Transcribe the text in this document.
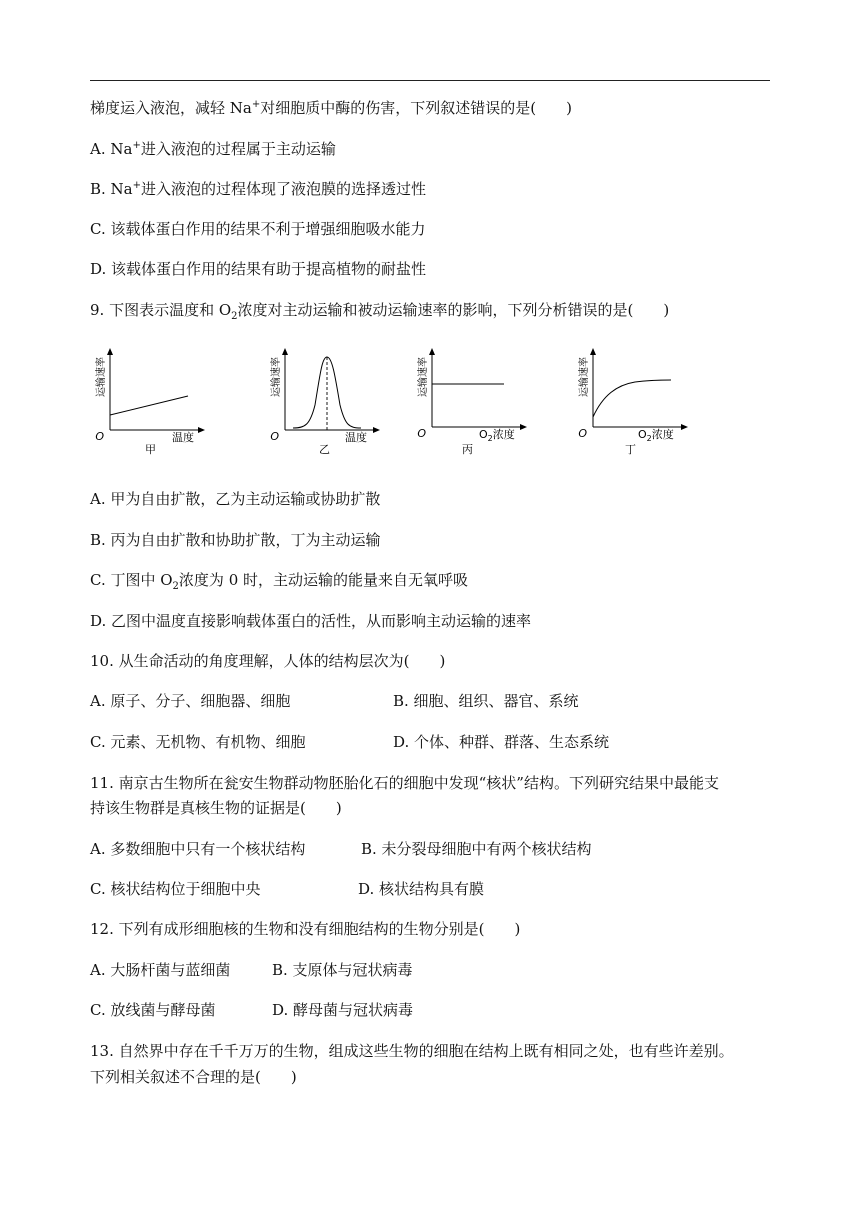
梯度运入液泡，减轻 Na+对细胞质中酶的伤害，下列叙述错误的是(　　)
A. Na+进入液泡的过程属于主动运输
B. Na+进入液泡的过程体现了液泡膜的选择透过性
C. 该载体蛋白作用的结果不利于增强细胞吸水能力
D. 该载体蛋白作用的结果有助于提高植物的耐盐性
9. 下图表示温度和 $O_2$浓度对主动运输和被动运输速率的影响，下列分析错误的是(　　)
运输速率
O	温度
甲
运输速率
O	温度
乙
运输速率
O	$O_2$浓度
丙
运输速率
O	$O_2$浓度
丁
A. 甲为自由扩散，乙为主动运输或协助扩散
B. 丙为自由扩散和协助扩散，丁为主动运输
C. 丁图中 $O_2$浓度为 0 时，主动运输的能量来自无氧呼吸
D. 乙图中温度直接影响载体蛋白的活性，从而影响主动运输的速率
10. 从生命活动的角度理解，人体的结构层次为(　　)
A. 原子、分子、细胞器、细胞	B. 细胞、组织、器官、系统
C. 元素、无机物、有机物、细胞	D. 个体、种群、群落、生态系统
11. 南京古生物所在瓮安生物群动物胚胎化石的细胞中发现“核状”结构。下列研究结果中最能支
持该生物群是真核生物的证据是(　　)
A. 多数细胞中只有一个核状结构	B. 未分裂母细胞中有两个核状结构
C. 核状结构位于细胞中央	D. 核状结构具有膜
12. 下列有成形细胞核的生物和没有细胞结构的生物分别是(　　)
A. 大肠杆菌与蓝细菌	B. 支原体与冠状病毒
C. 放线菌与酵母菌	D. 酵母菌与冠状病毒
13. 自然界中存在千千万万的生物，组成这些生物的细胞在结构上既有相同之处，也有些许差别。
下列相关叙述不合理的是(　　)
